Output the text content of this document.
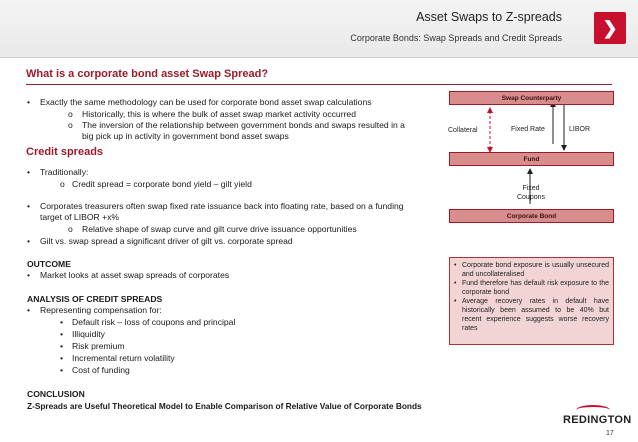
Asset Swaps to Z-spreads
Corporate Bonds: Swap Spreads and Credit Spreads
❯
What is a corporate bond asset Swap Spread?
• Exactly the same methodology can be used for corporate bond asset swap calculations
o Historically, this is where the bulk of asset swap market activity occurred
o The inversion of the relationship between government bonds and swaps resulted in a
big pick up in activity in government bond asset swaps
Credit spreads
• Traditionally:
o Credit spread = corporate bond yield – gilt yield
• Corporates treasurers often swap fixed rate issuance back into floating rate, based on a funding
target of LIBOR +x%
o Relative shape of swap curve and gilt curve drive issuance opportunities
• Gilt vs. swap spread a significant driver of gilt vs. corporate spread
OUTCOME
• Market looks at asset swap spreads of corporates
ANALYSIS OF CREDIT SPREADS
• Representing compensation for:
• Default risk – loss of coupons and principal
• Illiquidity
• Risk premium
• Incremental return volatility
• Cost of funding
CONCLUSION
Z-Spreads are Useful Theoretical Model to Enable Comparison of Relative Value of Corporate Bonds
Swap Counterparty
Fund
Corporate Bond
Collateral	Fixed Rate	LIBOR
Fixed
Coupons
• Corporate bond exposure is usually unsecured and uncollateralised
• Fund therefore has default risk exposure to the corporate bond
• Average recovery rates in default have historically been assumed to be 40% but recent experience suggests worse recovery rates
REDINGTON
17
